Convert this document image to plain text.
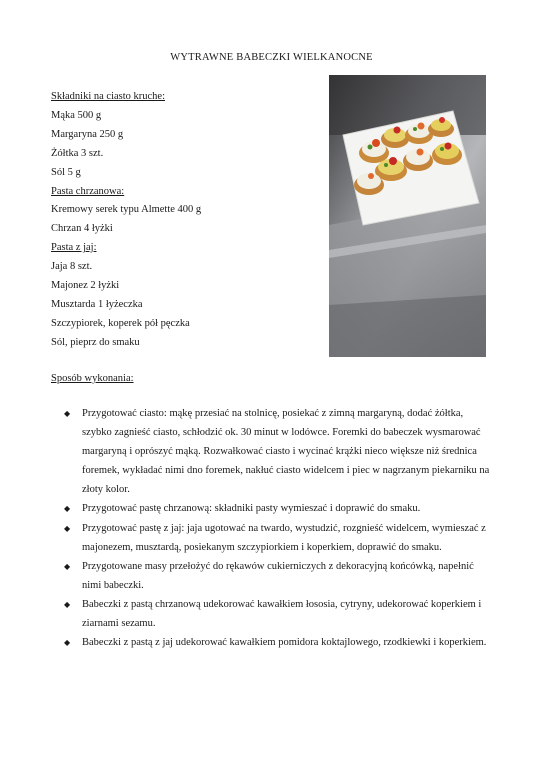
WYTRAWNE BABECZKI WIELKANOCNE
Składniki na ciasto kruche:
Mąka 500 g
Margaryna 250 g
Żółtka 3 szt.
Sól 5 g
Pasta chrzanowa:
Kremowy serek typu Almette 400 g
Chrzan 4 łyżki
Pasta z jaj:
Jaja 8 szt.
Majonez 2 łyżki
Musztarda 1 łyżeczka
Szczypiorek, koperek pół pęczka
Sól, pieprz do smaku
Sposób wykonania:
◆ Przygotować ciasto: mąkę przesiać na stolnicę, posiekać z zimną margaryną, dodać żółtka, szybko zagnieść ciasto, schłodzić ok. 30 minut w lodówce. Foremki do babeczek wysmarować margaryną i oprószyć mąką. Rozwałkować ciasto i wycinać krążki nieco większe niż średnica foremek, wykładać nimi dno foremek, nakłuć ciasto widelcem i piec w nagrzanym piekarniku na złoty kolor.
◆ Przygotować pastę chrzanową: składniki pasty wymieszać i doprawić do smaku.
◆ Przygotować pastę z jaj: jaja ugotować na twardo, wystudzić, rozgnieść widelcem, wymieszać z majonezem, musztardą, posiekanym szczypiorkiem i koperkiem, doprawić do smaku.
◆ Przygotowane masy przełożyć do rękawów cukierniczych z dekoracyjną końcówką, napełnić nimi babeczki.
◆ Babeczki z pastą chrzanową udekorować kawałkiem łososia, cytryny, udekorować koperkiem i ziarnami sezamu.
◆ Babeczki z pastą z jaj udekorować kawałkiem pomidora koktajlowego, rzodkiewki i koperkiem.
